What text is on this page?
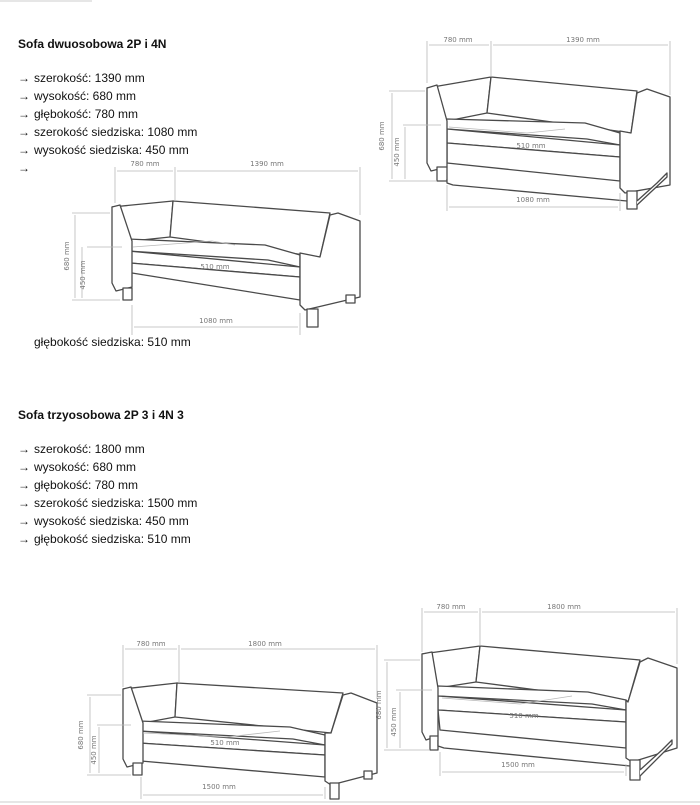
Sofa dwuosobowa 2P i 4N
→ szerokość: 1390 mm
→ wysokość: 680 mm
→ głębokość: 780 mm
→ szerokość siedziska: 1080 mm
→ wysokość siedziska: 450 mm
→
głębokość siedziska: 510 mm
780 mm	1390 mm
680 mm
450 mm	510 mm
1080 mm
780 mm	1390 mm
680 mm
450 mm	510 mm
1080 mm
Sofa trzyosobowa 2P 3 i 4N 3
→ szerokość: 1800 mm
→ wysokość: 680 mm
→ głębokość: 780 mm
→ szerokość siedziska: 1500 mm
→ wysokość siedziska: 450 mm
→ głębokość siedziska: 510 mm
780 mm	1800 mm
680 mm
450 mm	510 mm
1500 mm
780 mm	1800 mm
680 mm
450 mm	510 mm
1500 mm
